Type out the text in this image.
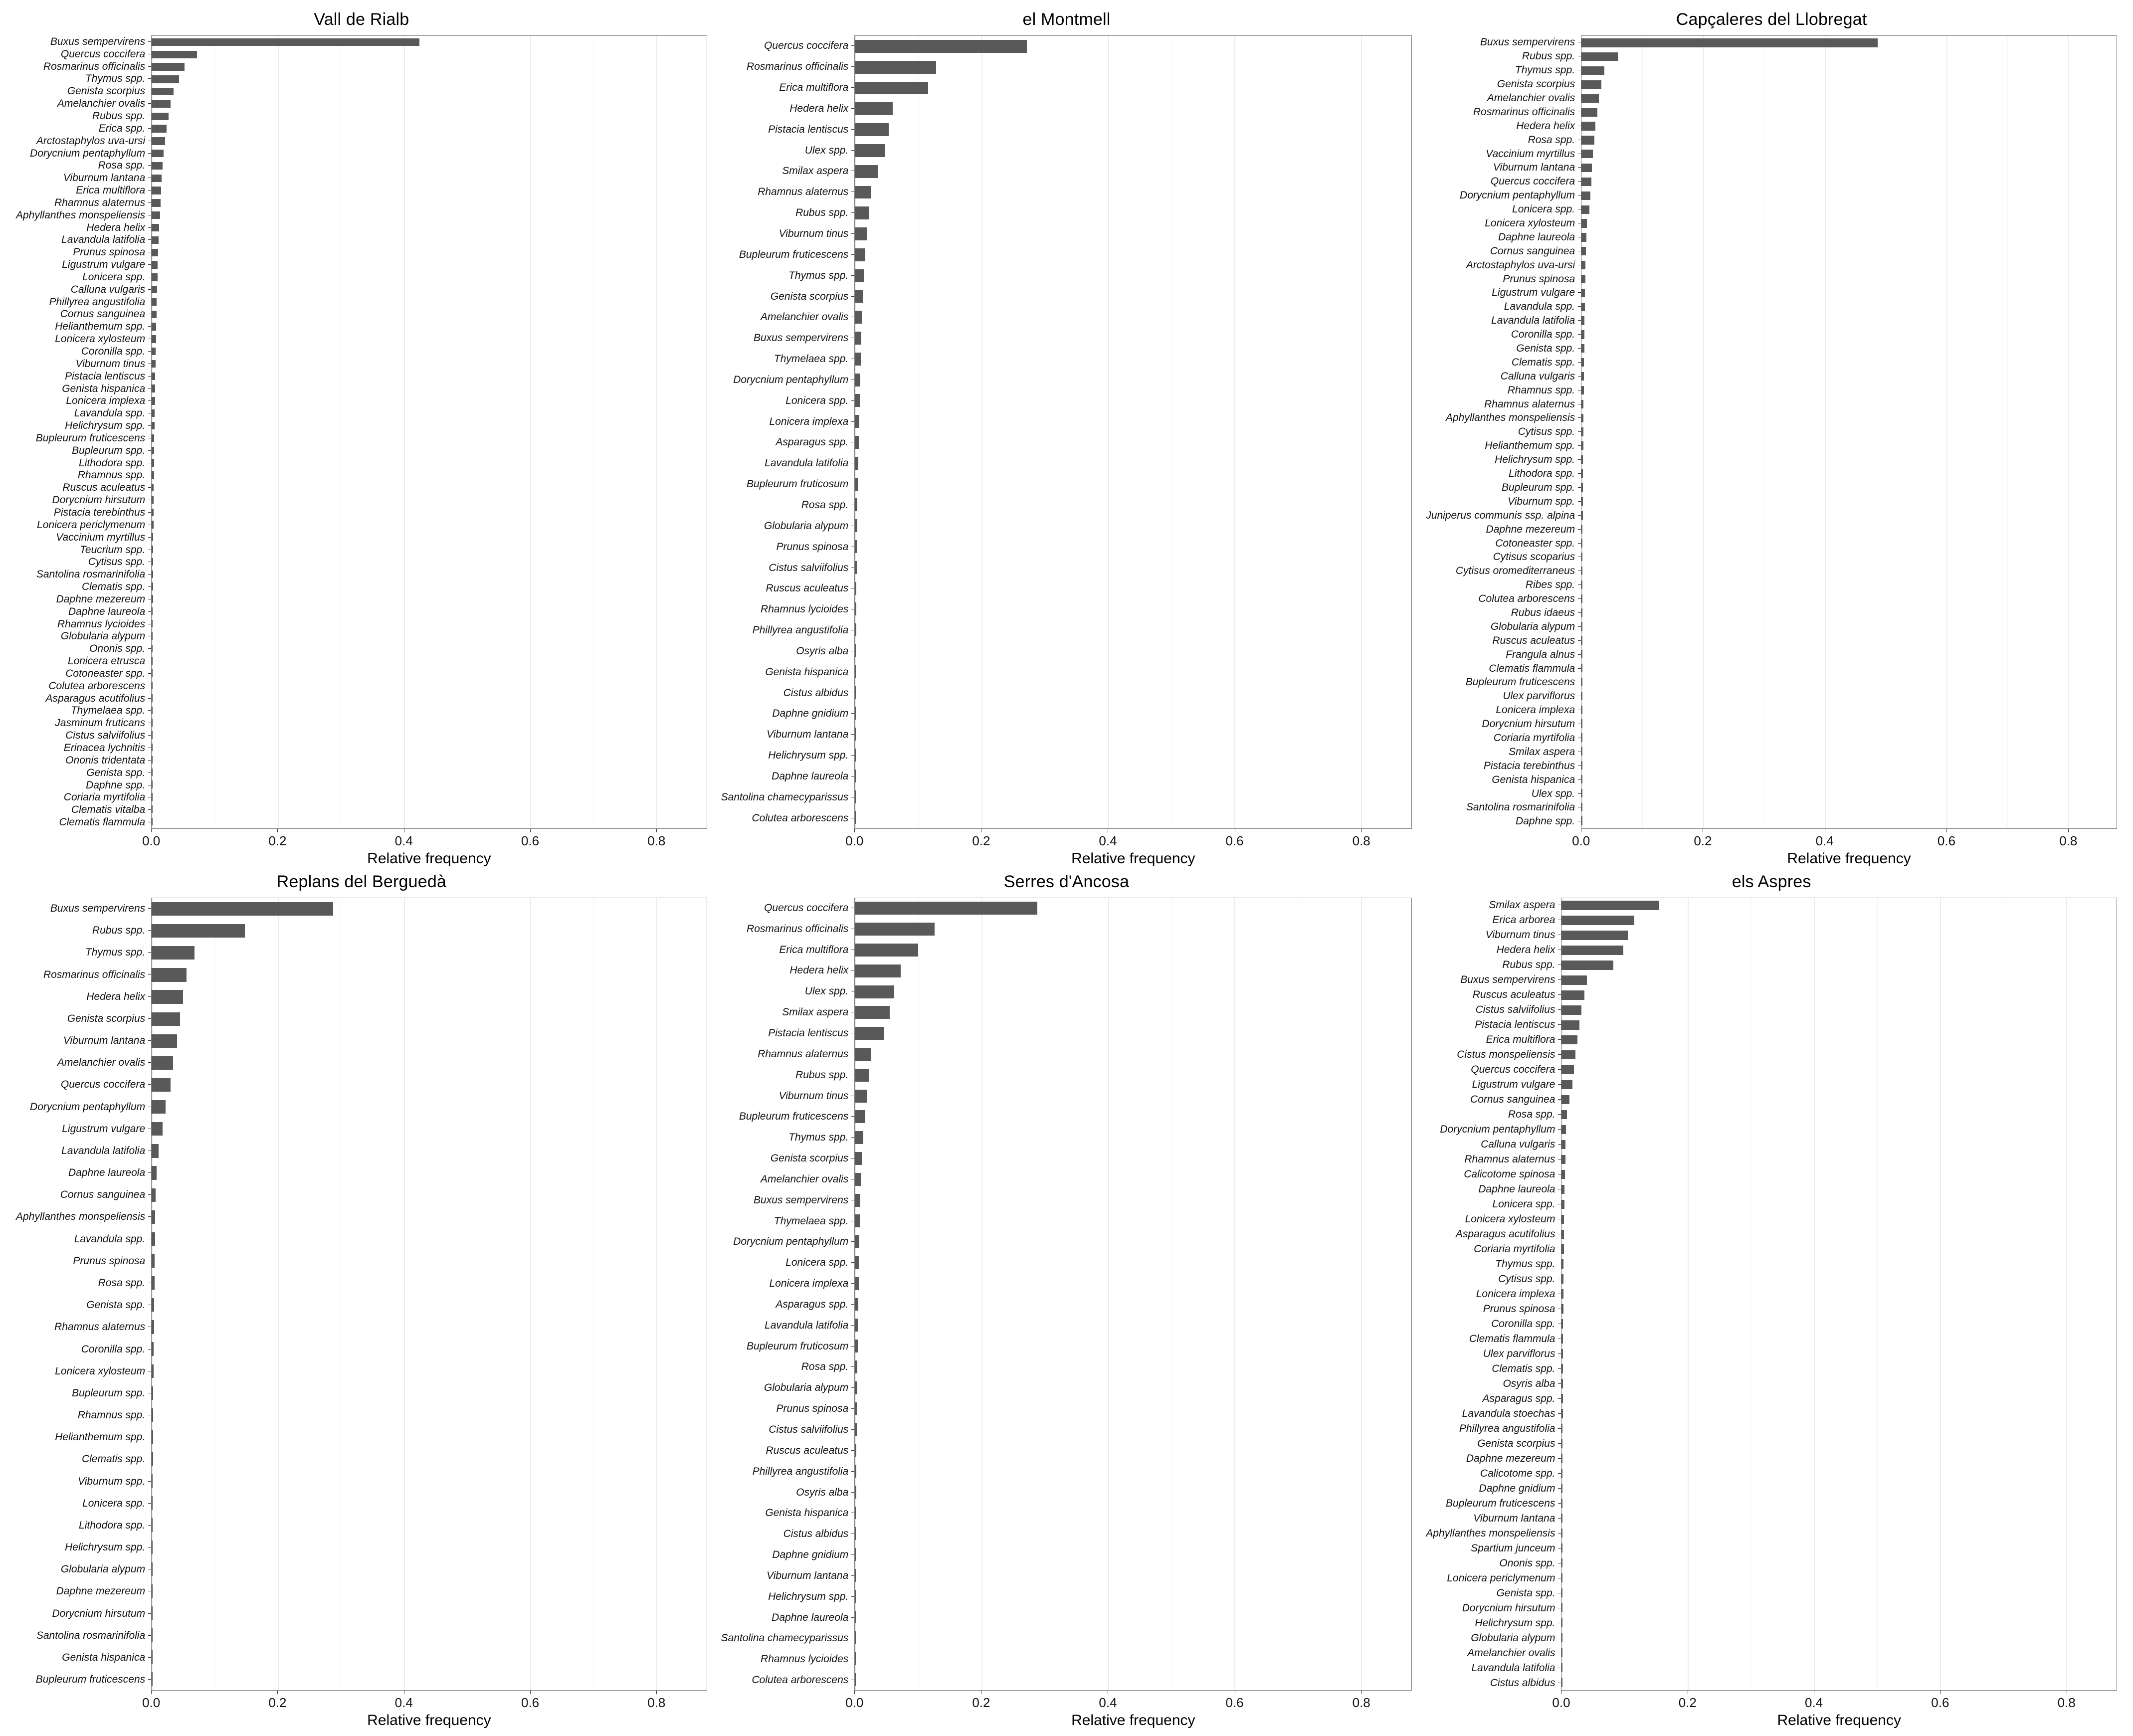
Vall de Rialb
Buxus sempervirens
Quercus coccifera
Rosmarinus officinalis
Thymus spp.
Genista scorpius
Amelanchier ovalis
Rubus spp.
Erica spp.
Arctostaphylos uva-ursi
Dorycnium pentaphyllum
Rosa spp.
Viburnum lantana
Erica multiflora
Rhamnus alaternus
Aphyllanthes monspeliensis
Hedera helix
Lavandula latifolia
Prunus spinosa
Ligustrum vulgare
Lonicera spp.
Calluna vulgaris
Phillyrea angustifolia
Cornus sanguinea
Helianthemum spp.
Lonicera xylosteum
Coronilla spp.
Viburnum tinus
Pistacia lentiscus
Genista hispanica
Lonicera implexa
Lavandula spp.
Helichrysum spp.
Bupleurum fruticescens
Bupleurum spp.
Lithodora spp.
Rhamnus spp.
Ruscus aculeatus
Dorycnium hirsutum
Pistacia terebinthus
Lonicera periclymenum
Vaccinium myrtillus
Teucrium spp.
Cytisus spp.
Santolina rosmarinifolia
Clematis spp.
Daphne mezereum
Daphne laureola
Rhamnus lycioides
Globularia alypum
Ononis spp.
Lonicera etrusca
Cotoneaster spp.
Colutea arborescens
Asparagus acutifolius
Thymelaea spp.
Jasminum fruticans
Cistus salviifolius
Erinacea lychnitis
Ononis tridentata
Genista spp.
Daphne spp.
Coriaria myrtifolia
Clematis vitalba
Clematis flammula
0.0	0.2	0.4	0.6	0.8
Relative frequency
el Montmell
Quercus coccifera
Rosmarinus officinalis
Erica multiflora
Hedera helix
Pistacia lentiscus
Ulex spp.
Smilax aspera
Rhamnus alaternus
Rubus spp.
Viburnum tinus
Bupleurum fruticescens
Thymus spp.
Genista scorpius
Amelanchier ovalis
Buxus sempervirens
Thymelaea spp.
Dorycnium pentaphyllum
Lonicera spp.
Lonicera implexa
Asparagus spp.
Lavandula latifolia
Bupleurum fruticosum
Rosa spp.
Globularia alypum
Prunus spinosa
Cistus salviifolius
Ruscus aculeatus
Rhamnus lycioides
Phillyrea angustifolia
Osyris alba
Genista hispanica
Cistus albidus
Daphne gnidium
Viburnum lantana
Helichrysum spp.
Daphne laureola
Santolina chamecyparissus
Colutea arborescens
0.0	0.2	0.4	0.6	0.8
Relative frequency
Capçaleres del Llobregat
Buxus sempervirens
Rubus spp.
Thymus spp.
Genista scorpius
Amelanchier ovalis
Rosmarinus officinalis
Hedera helix
Rosa spp.
Vaccinium myrtillus
Viburnum lantana
Quercus coccifera
Dorycnium pentaphyllum
Lonicera spp.
Lonicera xylosteum
Daphne laureola
Cornus sanguinea
Arctostaphylos uva-ursi
Prunus spinosa
Ligustrum vulgare
Lavandula spp.
Lavandula latifolia
Coronilla spp.
Genista spp.
Clematis spp.
Calluna vulgaris
Rhamnus spp.
Rhamnus alaternus
Aphyllanthes monspeliensis
Cytisus spp.
Helianthemum spp.
Helichrysum spp.
Lithodora spp.
Bupleurum spp.
Viburnum spp.
Juniperus communis ssp. alpina
Daphne mezereum
Cotoneaster spp.
Cytisus scoparius
Cytisus oromediterraneus
Ribes spp.
Colutea arborescens
Rubus idaeus
Globularia alypum
Ruscus aculeatus
Frangula alnus
Clematis flammula
Bupleurum fruticescens
Ulex parviflorus
Lonicera implexa
Dorycnium hirsutum
Coriaria myrtifolia
Smilax aspera
Pistacia terebinthus
Genista hispanica
Ulex spp.
Santolina rosmarinifolia
Daphne spp.
0.0	0.2	0.4	0.6	0.8
Relative frequency
Replans del Berguedà
Buxus sempervirens
Rubus spp.
Thymus spp.
Rosmarinus officinalis
Hedera helix
Genista scorpius
Viburnum lantana
Amelanchier ovalis
Quercus coccifera
Dorycnium pentaphyllum
Ligustrum vulgare
Lavandula latifolia
Daphne laureola
Cornus sanguinea
Aphyllanthes monspeliensis
Lavandula spp.
Prunus spinosa
Rosa spp.
Genista spp.
Rhamnus alaternus
Coronilla spp.
Lonicera xylosteum
Bupleurum spp.
Rhamnus spp.
Helianthemum spp.
Clematis spp.
Viburnum spp.
Lonicera spp.
Lithodora spp.
Helichrysum spp.
Globularia alypum
Daphne mezereum
Dorycnium hirsutum
Santolina rosmarinifolia
Genista hispanica
Bupleurum fruticescens
0.0	0.2	0.4	0.6	0.8
Relative frequency
Serres d'Ancosa
Quercus coccifera
Rosmarinus officinalis
Erica multiflora
Hedera helix
Ulex spp.
Smilax aspera
Pistacia lentiscus
Rhamnus alaternus
Rubus spp.
Viburnum tinus
Bupleurum fruticescens
Thymus spp.
Genista scorpius
Amelanchier ovalis
Buxus sempervirens
Thymelaea spp.
Dorycnium pentaphyllum
Lonicera spp.
Lonicera implexa
Asparagus spp.
Lavandula latifolia
Bupleurum fruticosum
Rosa spp.
Globularia alypum
Prunus spinosa
Cistus salviifolius
Ruscus aculeatus
Phillyrea angustifolia
Osyris alba
Genista hispanica
Cistus albidus
Daphne gnidium
Viburnum lantana
Helichrysum spp.
Daphne laureola
Santolina chamecyparissus
Rhamnus lycioides
Colutea arborescens
0.0	0.2	0.4	0.6	0.8
Relative frequency
els Aspres
Smilax aspera
Erica arborea
Viburnum tinus
Hedera helix
Rubus spp.
Buxus sempervirens
Ruscus aculeatus
Cistus salviifolius
Pistacia lentiscus
Erica multiflora
Cistus monspeliensis
Quercus coccifera
Ligustrum vulgare
Cornus sanguinea
Rosa spp.
Dorycnium pentaphyllum
Calluna vulgaris
Rhamnus alaternus
Calicotome spinosa
Daphne laureola
Lonicera spp.
Lonicera xylosteum
Asparagus acutifolius
Coriaria myrtifolia
Thymus spp.
Cytisus spp.
Lonicera implexa
Prunus spinosa
Coronilla spp.
Clematis flammula
Ulex parviflorus
Clematis spp.
Osyris alba
Asparagus spp.
Lavandula stoechas
Phillyrea angustifolia
Genista scorpius
Daphne mezereum
Calicotome spp.
Daphne gnidium
Bupleurum fruticescens
Viburnum lantana
Aphyllanthes monspeliensis
Spartium junceum
Ononis spp.
Lonicera periclymenum
Genista spp.
Dorycnium hirsutum
Helichrysum spp.
Globularia alypum
Amelanchier ovalis
Lavandula latifolia
Cistus albidus
0.0	0.2	0.4	0.6	0.8
Relative frequency
